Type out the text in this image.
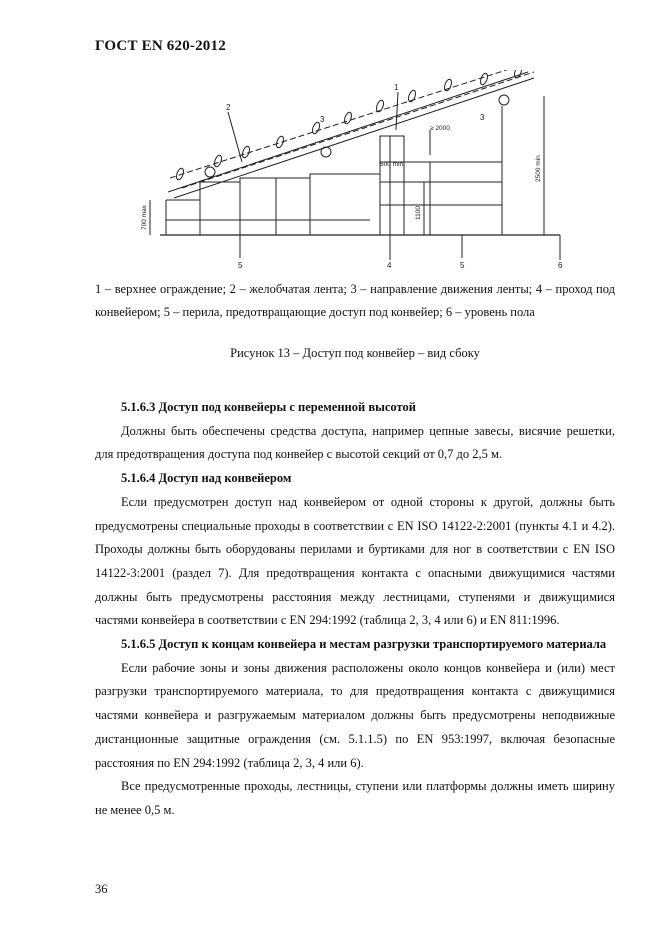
ГОСТ EN 620-2012
2
1
3	3
≥ 2000
500 min	2500 min
1100
700 max
5	4	5	6
1 – верхнее ограждение; 2 – желобчатая лента; 3 – направление движения ленты; 4 – проход под конвейером; 5 – перила, предотвращающие доступ под конвейер; 6 – уровень пола
Рисунок 13 – Доступ под конвейер – вид сбоку

5.1.6.3 Доступ под конвейеры с переменной высотой

Должны быть обеспечены средства доступа, например цепные завесы, висячие решетки, для предотвращения доступа под конвейер с высотой секций от 0,7 до 2,5 м.

5.1.6.4 Доступ над конвейером

Если предусмотрен доступ над конвейером от одной стороны к другой, должны быть предусмотрены специальные проходы в соответствии с EN ISO 14122-2:2001 (пункты 4.1 и 4.2). Проходы должны быть оборудованы перилами и буртиками для ног в соответствии с EN ISO 14122-3:2001 (раздел 7). Для предотвращения контакта с опасными движущимися частями должны быть предусмотрены расстояния между лестницами, ступенями и движущимися частями конвейера в соответствии с EN 294:1992 (таблица 2, 3, 4 или 6) и EN 811:1996.

5.1.6.5 Доступ к концам конвейера и местам разгрузки транспортируемого материала

Если рабочие зоны и зоны движения расположены около концов конвейера и (или) мест разгрузки транспортируемого материала, то для предотвращения контакта с движущимися частями конвейера и разгружаемым материалом должны быть предусмотрены неподвижные дистанционные защитные ограждения (см. 5.1.1.5) по EN 953:1997, включая безопасные расстояния по EN 294:1992 (таблица 2, 3, 4 или 6).

Все предусмотренные проходы, лестницы, ступени или платформы должны иметь ширину не менее 0,5 м.

36
